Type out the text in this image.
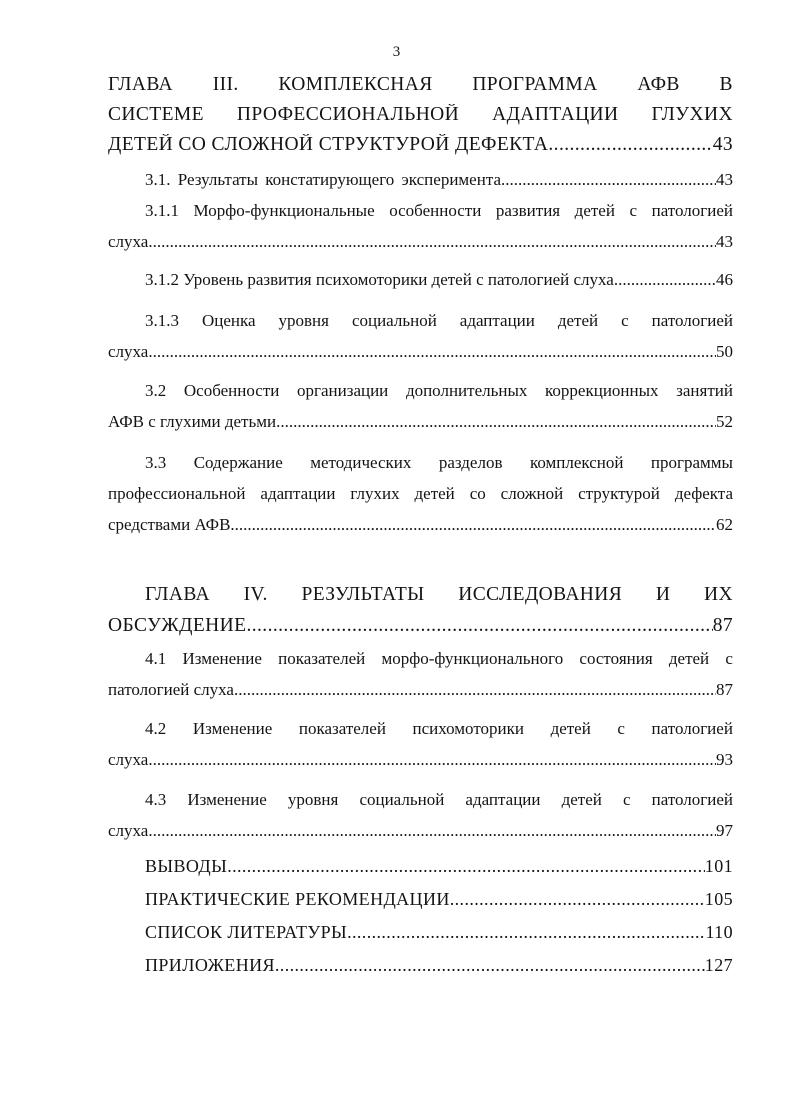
3
ГЛАВА III. КОМПЛЕКСНАЯ ПРОГРАММА АФВ В
СИСТЕМЕ ПРОФЕССИОНАЛЬНОЙ АДАПТАЦИИ ГЛУХИХ
ДЕТЕЙ СО СЛОЖНОЙ СТРУКТУРОЙ ДЕФЕКТА .....	43
3.1. Результаты констатирующего эксперимента .....	43
3.1.1 Морфо-функциональные особенности развития детей с патологией
слуха .....	43
3.1.2 Уровень развития психомоторики детей с патологией слуха .....	46
3.1.3 Оценка уровня социальной адаптации детей с патологией
слуха .....	50
3.2 Особенности организации дополнительных коррекционных занятий
АФВ с глухими детьми .....	52
3.3 Содержание методических разделов комплексной программы
профессиональной адаптации глухих детей со сложной структурой дефекта
средствами АФВ .....	62
ГЛАВА IV. РЕЗУЛЬТАТЫ ИССЛЕДОВАНИЯ И ИХ
ОБСУЖДЕНИЕ .....	87
4.1 Изменение показателей морфо-функционального состояния детей с
патологией слуха .....	87
4.2 Изменение показателей психомоторики детей с патологией
слуха .....	93
4.3 Изменение уровня социальной адаптации детей с патологией
слуха .....	97
ВЫВОДЫ .....	101
ПРАКТИЧЕСКИЕ РЕКОМЕНДАЦИИ .....	105
СПИСОК ЛИТЕРАТУРЫ .....	110
ПРИЛОЖЕНИЯ .....	127
